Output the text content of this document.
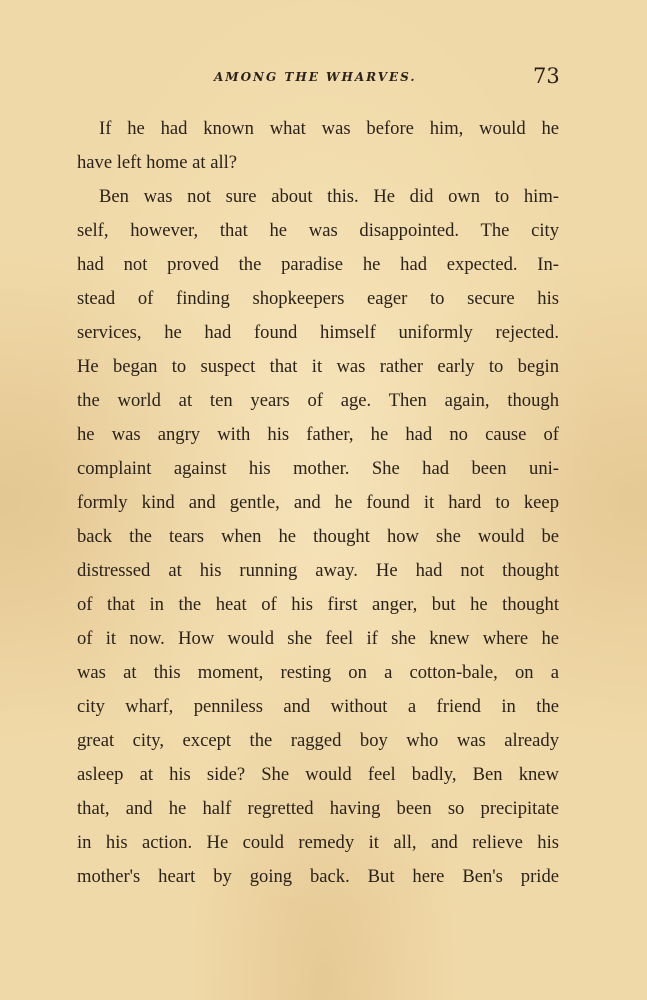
AMONG THE WHARVES.	73
If he had known what was before him, would he
have left home at all?
Ben was not sure about this. He did own to him-
self, however, that he was disappointed. The city
had not proved the paradise he had expected. In-
stead of finding shopkeepers eager to secure his
services, he had found himself uniformly rejected.
He began to suspect that it was rather early to begin
the world at ten years of age. Then again, though
he was angry with his father, he had no cause of
complaint against his mother. She had been uni-
formly kind and gentle, and he found it hard to keep
back the tears when he thought how she would be
distressed at his running away. He had not thought
of that in the heat of his first anger, but he thought
of it now. How would she feel if she knew where he
was at this moment, resting on a cotton-bale, on a
city wharf, penniless and without a friend in the
great city, except the ragged boy who was already
asleep at his side? She would feel badly, Ben knew
that, and he half regretted having been so precipitate
in his action. He could remedy it all, and relieve his
mother's heart by going back. But here Ben's pride
